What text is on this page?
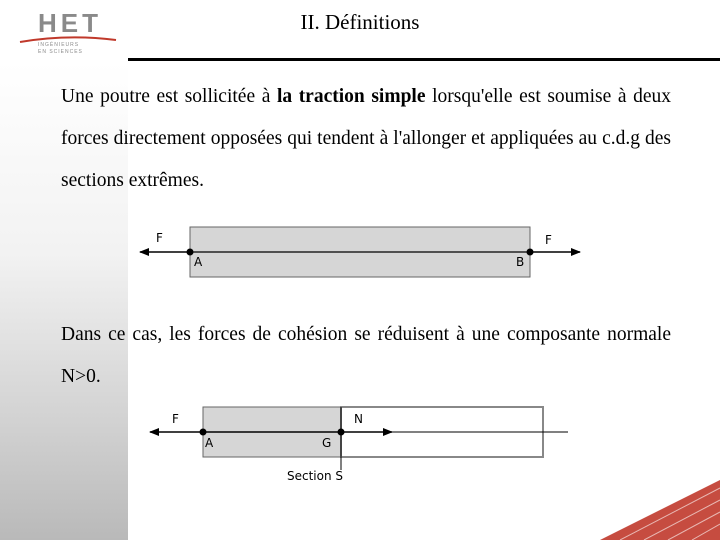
HET
INGÉNIEURS
EN SCIENCES
II. Définitions

Une poutre est sollicitée à la traction simple lorsqu'elle est soumise à deux forces directement opposées qui tendent à l'allonger et appliquées au c.d.g des sections extrêmes.

F	F
A	B
F	N
A	G
Section S

Dans ce cas, les forces de cohésion se réduisent à une composante normale N>0.
